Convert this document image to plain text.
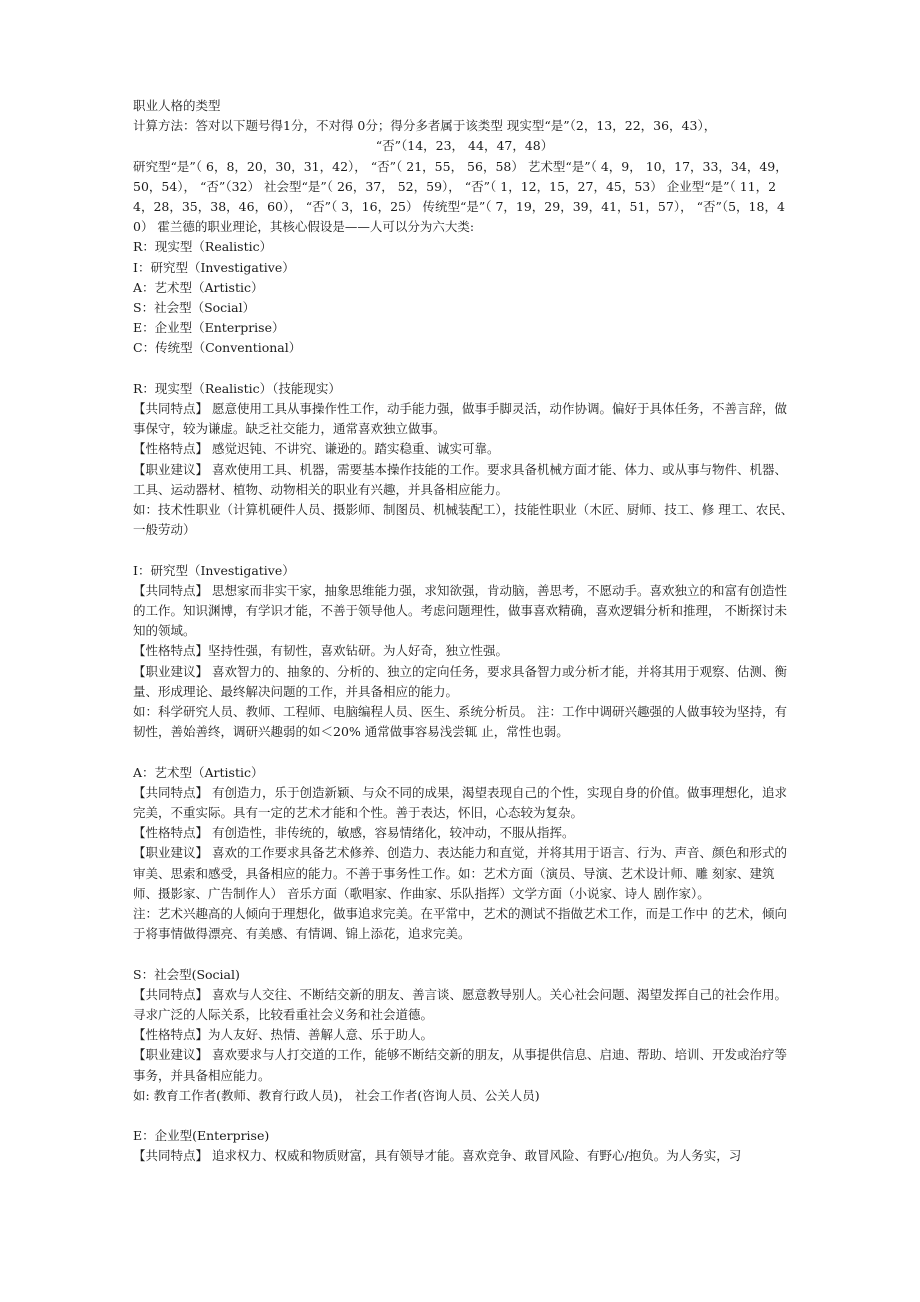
职业人格的类型

计算方法：答对以下题号得1分，不对得 0分；得分多者属于该类型 现实型“是”（2，13，22，36，43），

“否”（14，23， 44，47，48）

研究型“是”（ 6，8，20，30，31，42）， “否”（ 21，55， 56，58） 艺术型“是”（ 4，9， 10，17，33，34，49， 50，54）， “否”（32） 社会型“是”（ 26，37， 52，59）， “否”（ 1，12，15，27，45，53） 企业型“是”（ 11，24，28，35，38，46，60）， “否”（ 3，16，25） 传统型“是”（ 7，19，29，39，41，51，57）， “否”（5，18，40） 霍兰德的职业理论，其核心假设是——人可以分为六大类:

R：现实型（Realistic）

I：研究型（Investigative）

A：艺术型（Artistic）

S：社会型（Social）

E：企业型（Enterprise）

C：传统型（Conventional）

R：现实型（Realistic）（技能现实）

【共同特点】 愿意使用工具从事操作性工作，动手能力强，做事手脚灵活，动作协调。偏好于具体任务，不善言辞，做 事保守，较为谦虚。缺乏社交能力，通常喜欢独立做事。

【性格特点】 感觉迟钝、不讲究、谦逊的。踏实稳重、诚实可靠。

【职业建议】 喜欢使用工具、机器，需要基本操作技能的工作。要求具备机械方面才能、体力、或从事与物件、机器、 工具、运动器材、植物、动物相关的职业有兴趣，并具备相应能力。

如：技术性职业（计算机硬件人员、摄影师、制图员、机械装配工），技能性职业（木匠、厨师、技工、修 理工、农民、一般劳动）

I：研究型（Investigative）

【共同特点】 思想家而非实干家，抽象思维能力强，求知欲强，肯动脑，善思考，不愿动手。喜欢独立的和富有创造性 的工作。知识渊博，有学识才能，不善于领导他人。考虑问题理性，做事喜欢精确，喜欢逻辑分析和推理， 不断探讨未知的领域。

【性格特点】坚持性强，有韧性，喜欢钻研。为人好奇，独立性强。

【职业建议】 喜欢智力的、抽象的、分析的、独立的定向任务，要求具备智力或分析才能，并将其用于观察、估测、衡 量、形成理论、最终解决问题的工作，并具备相应的能力。

如：科学研究人员、教师、工程师、电脑编程人员、医生、系统分析员。 注：工作中调研兴趣强的人做事较为坚持，有韧性，善始善终，调研兴趣弱的如＜20% 通常做事容易浅尝辄 止，常性也弱。

A：艺术型（Artistic）

【共同特点】 有创造力，乐于创造新颖、与众不同的成果，渴望表现自己的个性，实现自身的价值。做事理想化，追求 完美，不重实际。具有一定的艺术才能和个性。善于表达，怀旧，心态较为复杂。

【性格特点】 有创造性，非传统的，敏感，容易情绪化，较冲动，不服从指挥。

【职业建议】 喜欢的工作要求具备艺术修养、创造力、表达能力和直觉，并将其用于语言、行为、声音、颜色和形式的 审美、思索和感受，具备相应的能力。不善于事务性工作。如：艺术方面（演员、导演、艺术设计师、雕 刻家、建筑师、摄影家、广告制作人） 音乐方面（歌唱家、作曲家、乐队指挥）文学方面（小说家、诗人 剧作家）。

注：艺术兴趣高的人倾向于理想化，做事追求完美。在平常中，艺术的测试不指做艺术工作，而是工作中 的艺术，倾向于将事情做得漂亮、有美感、有情调、锦上添花，追求完美。

S：社会型(Social)

【共同特点】 喜欢与人交往、不断结交新的朋友、善言谈、愿意教导别人。关心社会问题、渴望发挥自己的社会作用。 寻求广泛的人际关系，比较看重社会义务和社会道德。

【性格特点】为人友好、热情、善解人意、乐于助人。

【职业建议】 喜欢要求与人打交道的工作，能够不断结交新的朋友，从事提供信息、启迪、帮助、培训、开发或治疗等 事务，并具备相应能力。

如: 教育工作者(教师、教育行政人员)， 社会工作者(咨询人员、公关人员)

E：企业型(Enterprise)

【共同特点】 追求权力、权威和物质财富，具有领导才能。喜欢竞争、敢冒风险、有野心/抱负。为人务实，习
